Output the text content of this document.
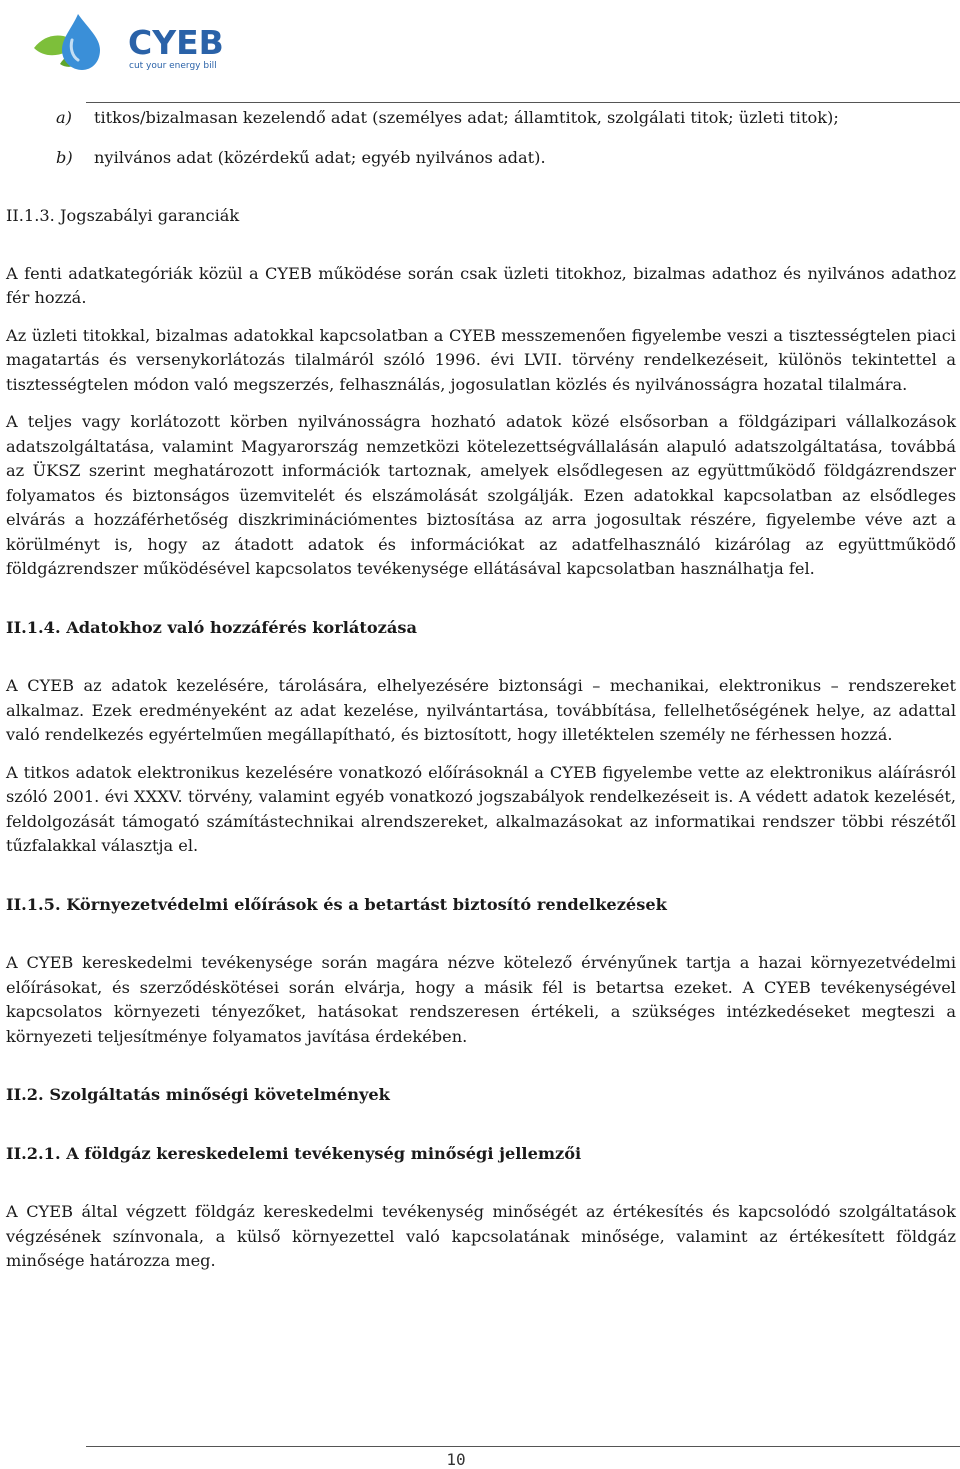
CYEB
cut your energy bill
a) titkos/bizalmasan kezelendő adat (személyes adat; államtitok, szolgálati titok; üzleti titok);
b) nyilvános adat (közérdekű adat; egyéb nyilvános adat).
II.1.3. Jogszabályi garanciák

A fenti adatkategóriák közül a CYEB működése során csak üzleti titokhoz, bizalmas adathoz és nyilvános adathoz fér hozzá.

Az üzleti titokkal, bizalmas adatokkal kapcsolatban a CYEB messzemenően figyelembe veszi a tisztességtelen piaci magatartás és versenykorlátozás tilalmáról szóló 1996. évi LVII. törvény rendelkezéseit, különös tekintettel a tisztességtelen módon való megszerzés, felhasználás, jogosulatlan közlés és nyilvánosságra hozatal tilalmára.

A teljes vagy korlátozott körben nyilvánosságra hozható adatok közé elsősorban a földgázipari vállalkozások adatszolgáltatása, valamint Magyarország nemzetközi kötelezettségvállalásán alapuló adatszolgáltatása, továbbá az ÜKSZ szerint meghatározott információk tartoznak, amelyek elsődlegesen az együttműködő földgázrendszer folyamatos és biztonságos üzemvitelét és elszámolását szolgálják. Ezen adatokkal kapcsolatban az elsődleges elvárás a hozzáférhetőség diszkriminációmentes biztosítása az arra jogosultak részére, figyelembe véve azt a körülményt is, hogy az átadott adatok és információkat az adatfelhasználó kizárólag az együttműködő földgázrendszer működésével kapcsolatos tevékenysége ellátásával kapcsolatban használhatja fel.

II.1.4. Adatokhoz való hozzáférés korlátozása

A CYEB az adatok kezelésére, tárolására, elhelyezésére biztonsági – mechanikai, elektronikus – rendszereket alkalmaz. Ezek eredményeként az adat kezelése, nyilvántartása, továbbítása, fellelhetőségének helye, az adattal való rendelkezés egyértelműen megállapítható, és biztosított, hogy illetéktelen személy ne férhessen hozzá.

A titkos adatok elektronikus kezelésére vonatkozó előírásoknál a CYEB figyelembe vette az elektronikus aláírásról szóló 2001. évi XXXV. törvény, valamint egyéb vonatkozó jogszabályok rendelkezéseit is. A védett adatok kezelését, feldolgozását támogató számítástechnikai alrendszereket, alkalmazásokat az informatikai rendszer többi részétől tűzfalakkal választja el.

II.1.5. Környezetvédelmi előírások és a betartást biztosító rendelkezések

A CYEB kereskedelmi tevékenysége során magára nézve kötelező érvényűnek tartja a hazai környezetvédelmi előírásokat, és szerződéskötései során elvárja, hogy a másik fél is betartsa ezeket. A CYEB tevékenységével kapcsolatos környezeti tényezőket, hatásokat rendszeresen értékeli, a szükséges intézkedéseket megteszi a környezeti teljesítménye folyamatos javítása érdekében.

II.2. Szolgáltatás minőségi követelmények
II.2.1. A földgáz kereskedelemi tevékenység minőségi jellemzői

A CYEB által végzett földgáz kereskedelmi tevékenység minőségét az értékesítés és kapcsolódó szolgáltatások végzésének színvonala, a külső környezettel való kapcsolatának minősége, valamint az értékesített földgáz minősége határozza meg.

10
